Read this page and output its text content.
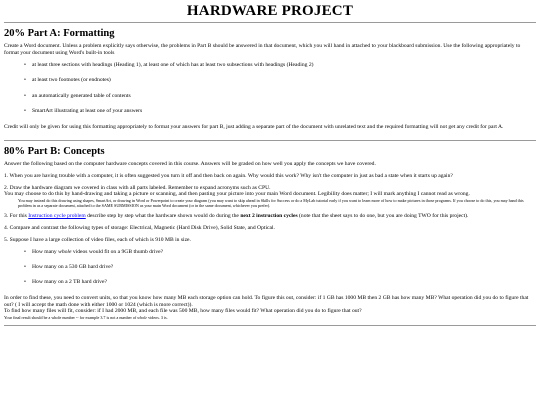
HARDWARE PROJECT
20% Part A: Formatting

Create a Word document. Unless a problem explicitly says otherwise, the problems in Part B should be answered in that document, which you will hand in attached to your blackboard submission. Use the following appropriately to format your document using Word's built-in tools

• at least three sections with headings (Heading 1), at least one of which has at least two subsections with headings (Heading 2)
• at least two footnotes (or endnotes)
• an automatically generated table of contents
• SmartArt illustrating at least one of your answers

Credit will only be given for using this formatting appropriately to format your answers for part B, just adding a separate part of the document with unrelated text and the required formatting will not get any credit for part A.

80% Part B: Concepts

Answer the following based on the computer hardware concepts covered in this course. Answers will be graded on how well you apply the concepts we have covered.

1. When you are having trouble with a computer, it is often suggested you turn it off and then back on again. Why would this work? Why isn't the computer in just as bad a state when it starts up again?

2. Draw the hardware diagram we covered in class with all parts labeled. Remember to expand acronyms such as CPU.

You may choose to do this by hand-drawing and taking a picture or scanning, and then pasting your picture into your main Word document. Legibility does matter; I will mark anything I cannot read as wrong.

You may instead do this drawing using shapes, SmartArt, or drawing in Word or Powerpoint to create your diagram (you may want to skip ahead in Skills for Success or do a MyLab tutorial early if you want to learn more of how to make pictures in those programs. If you choose to do this, you may hand this problem in as a separate document, attached to the SAME SUBMISSION as your main Word document (or in the same document, whichever you prefer).

3. For this Instruction cycle problem describe step by step what the hardware shown would do during the next 2 instruction cycles (note that the sheet says to do one, but you are doing TWO for this project).

4. Compare and contrast the following types of storage: Electrical, Magnetic (Hard Disk Drive), Solid State, and Optical.

5. Suppose I have a large collection of video files, each of which is 910 MB in size.

• How many whole videos would fit on a 9GB thumb drive?
• How many on a 530 GB hard drive?
• How many on a 2 TB hard drive?

In order to find these, you need to convert units, so that you know how many MB each storage option can hold. To figure this out, consider: if 1 GB has 1000 MB then 2 GB has how many MB? What operation did you do to figure that out? ( I will accept the math done with either 1000 or 1024 (which is more correct)).

To find how many files will fit, consider: if I had 2000 MB, and each file was 500 MB, how many files would fit? What operation did you do to figure that out?

Your final result should be a whole number -- for example 3.7 is not a number of whole videos. 3 is.
